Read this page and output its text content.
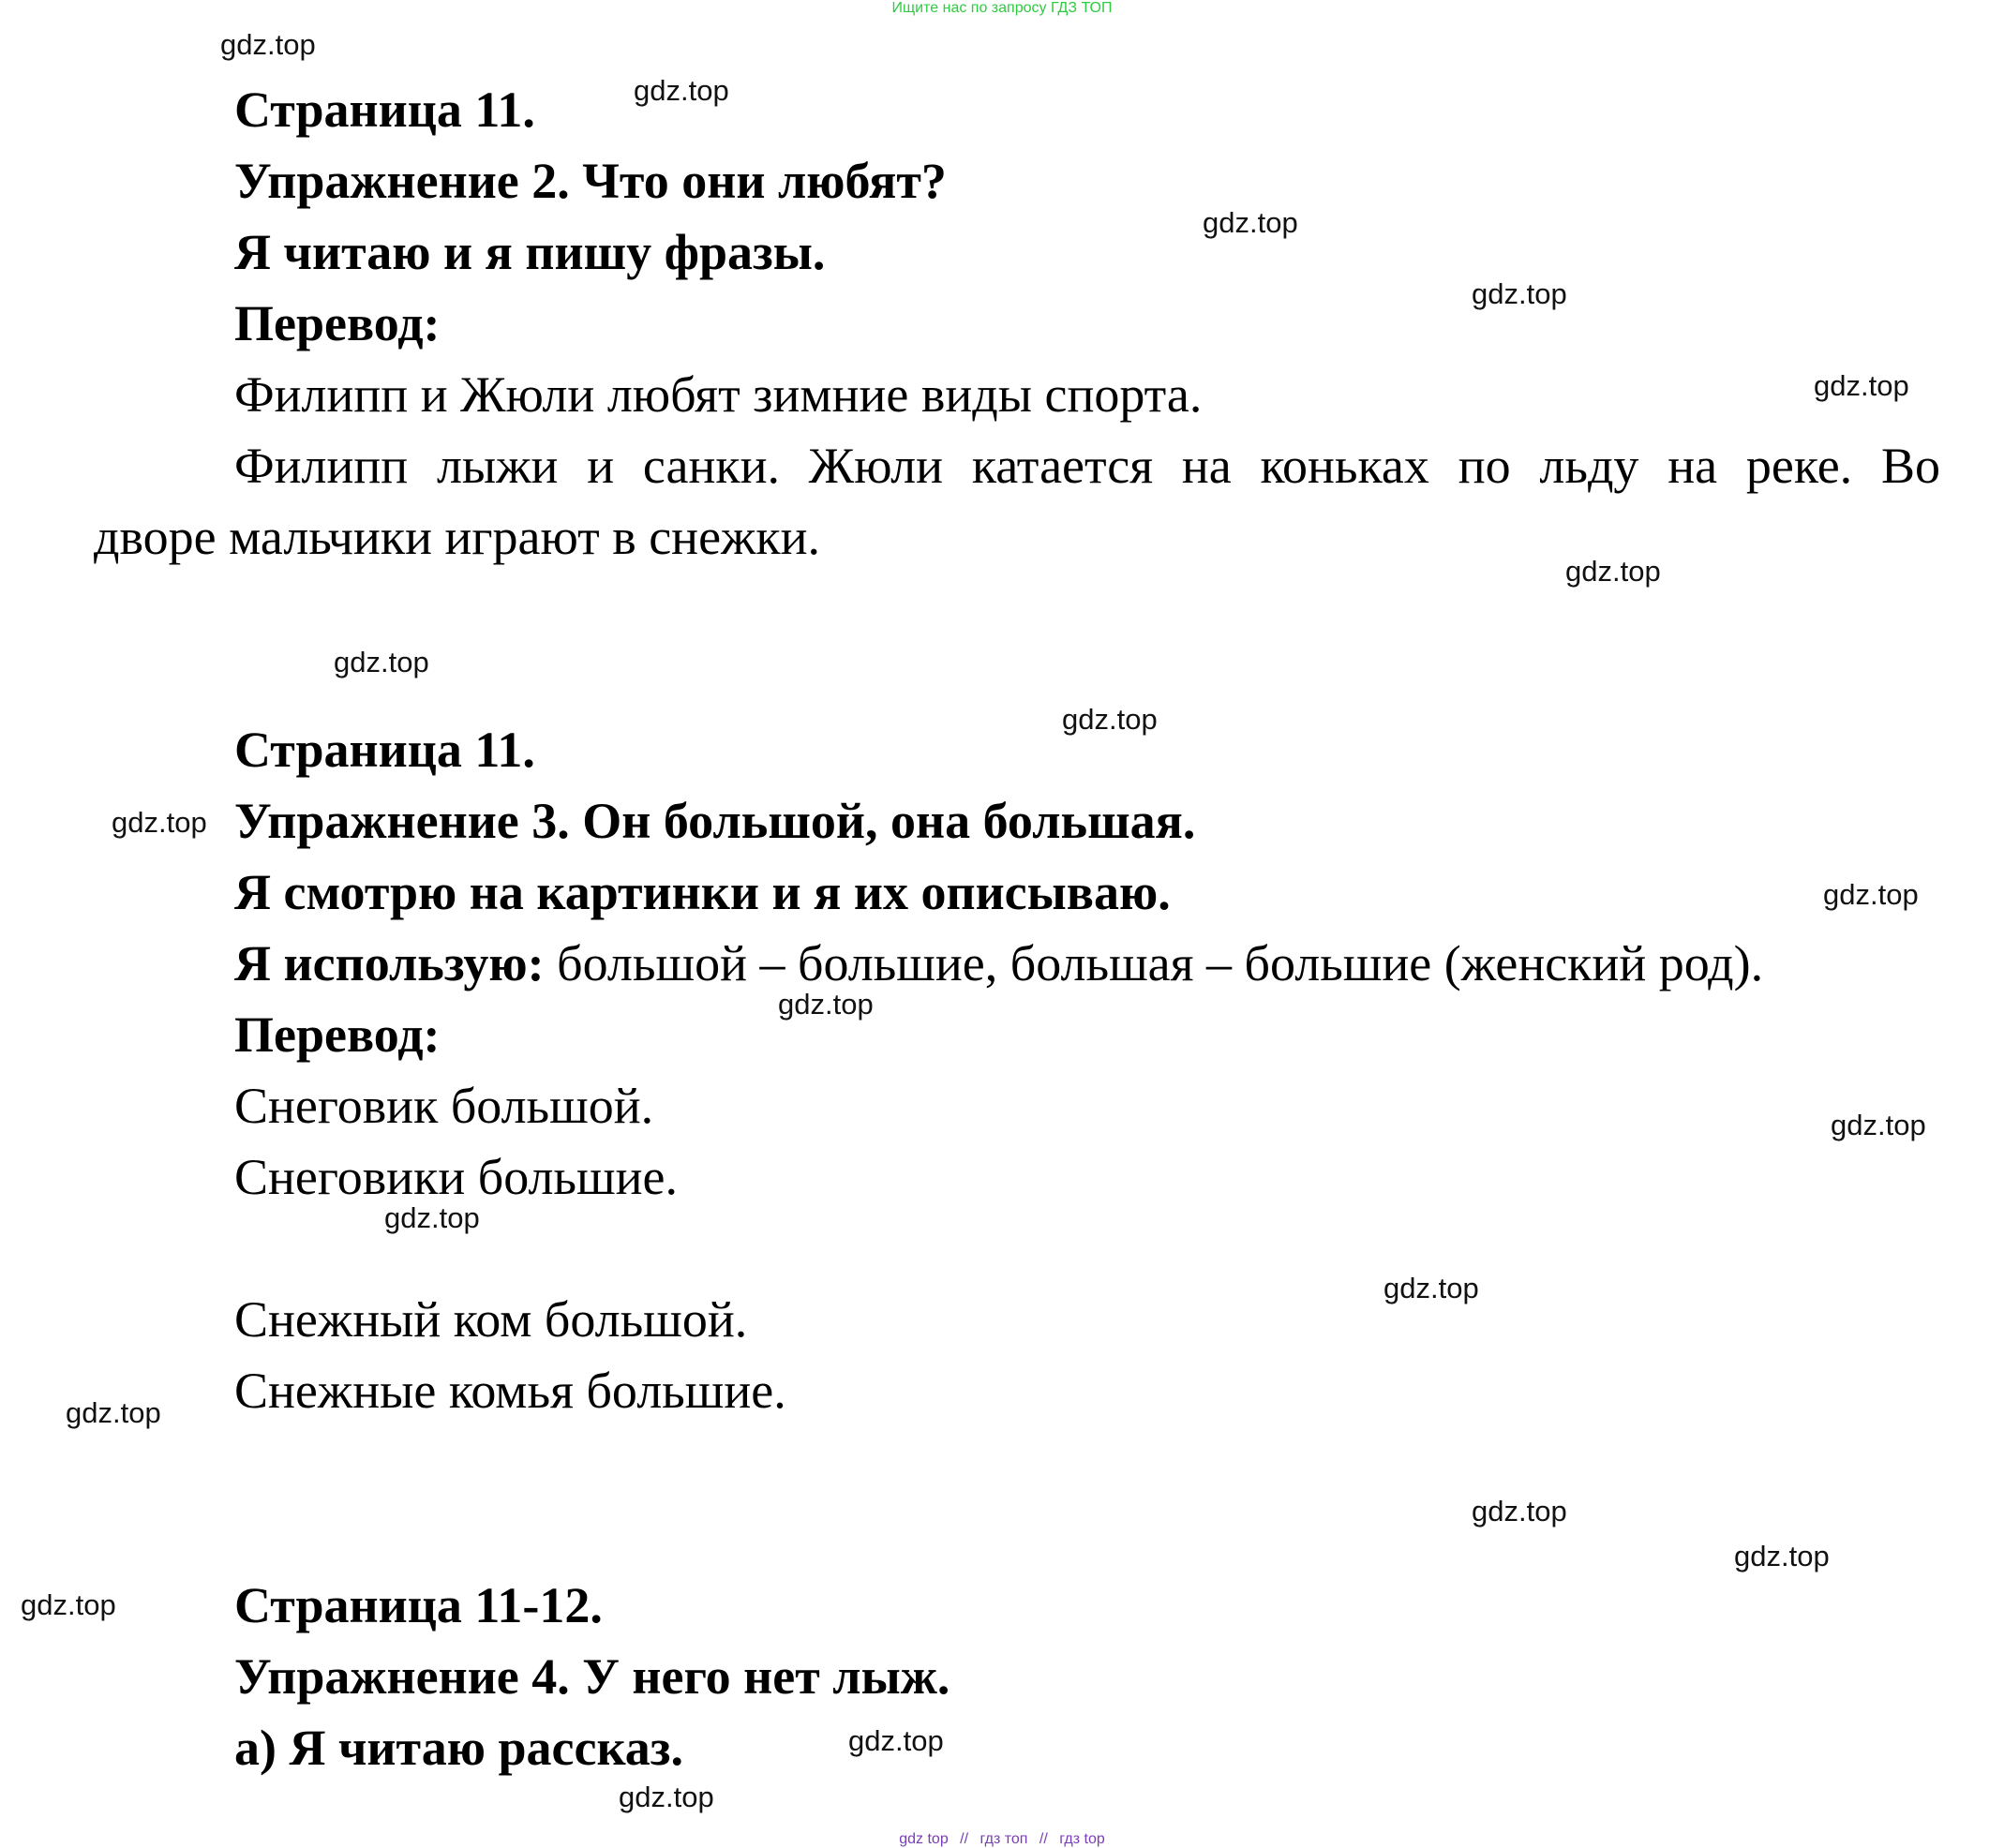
Ищите нас по запросу ГДЗ ТОП
gdz.top
gdz.top
gdz.top
gdz.top
gdz.top
gdz.top
gdz.top
gdz.top
gdz.top
gdz.top
gdz.top
gdz.top
gdz.top
gdz.top
gdz.top
gdz.top
gdz.top
gdz.top
gdz.top
gdz.top
Страница 11.
Упражнение 2. Что они любят?
Я читаю и я пишу фразы.
Перевод:
Филипп и Жюли любят зимние виды спорта.
Филипп лыжи и санки. Жюли катается на коньках по льду на реке. Во
дворе мальчики играют в снежки.
Страница 11.
Упражнение 3. Он большой, она большая.
Я смотрю на картинки и я их описываю.
Я использую: большой – большие, большая – большие (женский род).
Перевод:
Снеговик большой.
Снеговики большие.
Снежный ком большой.
Снежные комья большие.
Страница 11-12.
Упражнение 4. У него нет лыж.
а) Я читаю рассказ.
gdz top // гдз топ // гдз top
